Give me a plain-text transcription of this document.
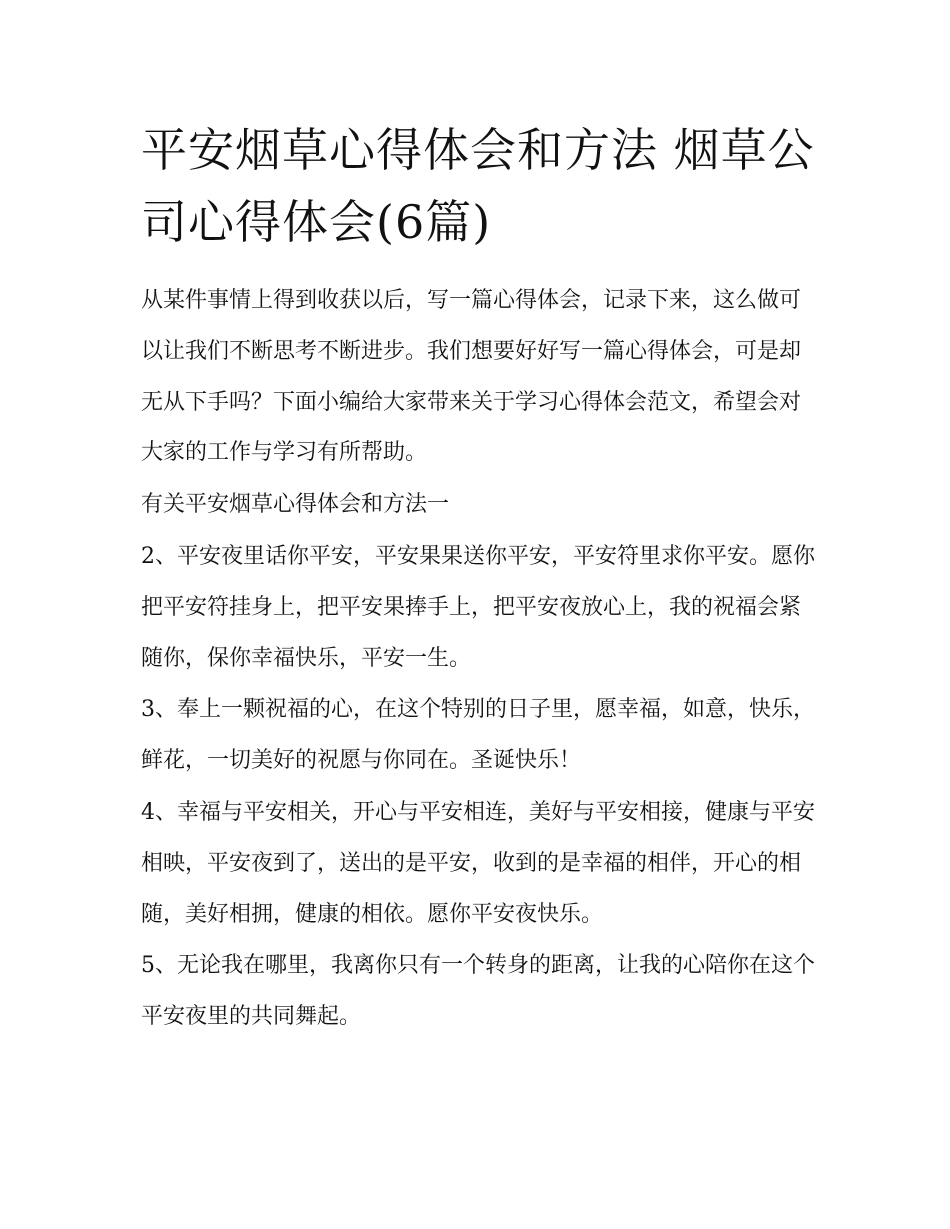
平安烟草心得体会和方法 烟草公司心得体会(6篇)

从某件事情上得到收获以后，写一篇心得体会，记录下来，这么做可以让我们不断思考不断进步。我们想要好好写一篇心得体会，可是却无从下手吗？下面小编给大家带来关于学习心得体会范文，希望会对大家的工作与学习有所帮助。

有关平安烟草心得体会和方法一

2、平安夜里话你平安，平安果果送你平安，平安符里求你平安。愿你把平安符挂身上，把平安果捧手上，把平安夜放心上，我的祝福会紧随你，保你幸福快乐，平安一生。

3、奉上一颗祝福的心，在这个特别的日子里，愿幸福，如意，快乐，鲜花，一切美好的祝愿与你同在。圣诞快乐！

4、幸福与平安相关，开心与平安相连，美好与平安相接，健康与平安相映，平安夜到了，送出的是平安，收到的是幸福的相伴，开心的相随，美好相拥，健康的相依。愿你平安夜快乐。

5、无论我在哪里，我离你只有一个转身的距离，让我的心陪你在这个平安夜里的共同舞起。
